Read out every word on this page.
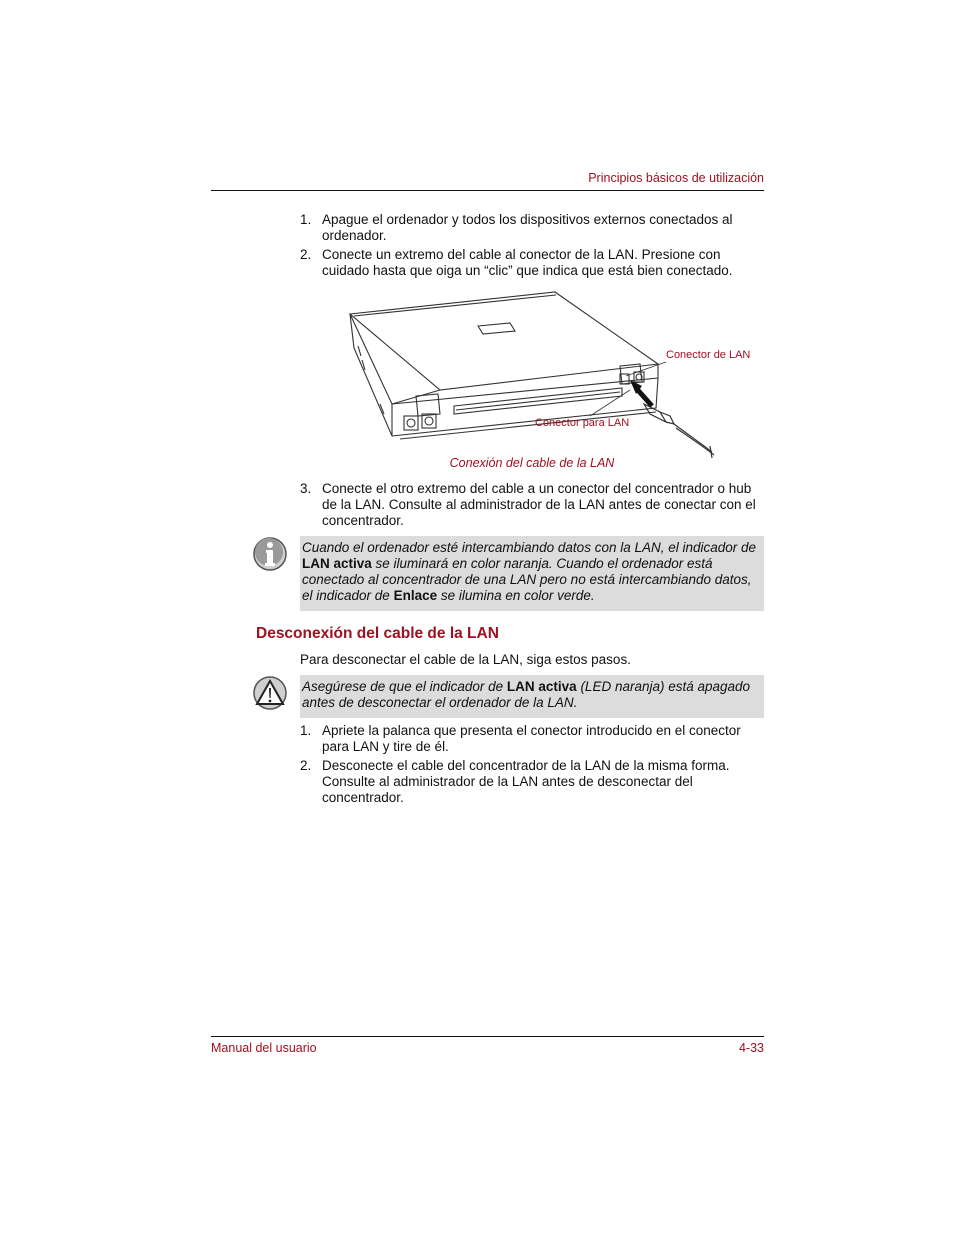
Principios básicos de utilización
1. Apague el ordenador y todos los dispositivos externos conectados al ordenador.
2. Conecte un extremo del cable al conector de la LAN. Presione con cuidado hasta que oiga un “clic” que indica que está bien conectado.
Conector de LAN
Conector para LAN
Conexión del cable de la LAN
3. Conecte el otro extremo del cable a un conector del concentrador o hub de la LAN. Consulte al administrador de la LAN antes de conectar con el concentrador.
Cuando el ordenador esté intercambiando datos con la LAN, el indicador de LAN activa se iluminará en color naranja. Cuando el ordenador está conectado al concentrador de una LAN pero no está intercambiando datos, el indicador de Enlace se ilumina en color verde.
Desconexión del cable de la LAN
Para desconectar el cable de la LAN, siga estos pasos.
Asegúrese de que el indicador de LAN activa (LED naranja) está apagado antes de desconectar el ordenador de la LAN.
1. Apriete la palanca que presenta el conector introducido en el conector para LAN y tire de él.
2. Desconecte el cable del concentrador de la LAN de la misma forma. Consulte al administrador de la LAN antes de desconectar del concentrador.
Manual del usuario	4-33
